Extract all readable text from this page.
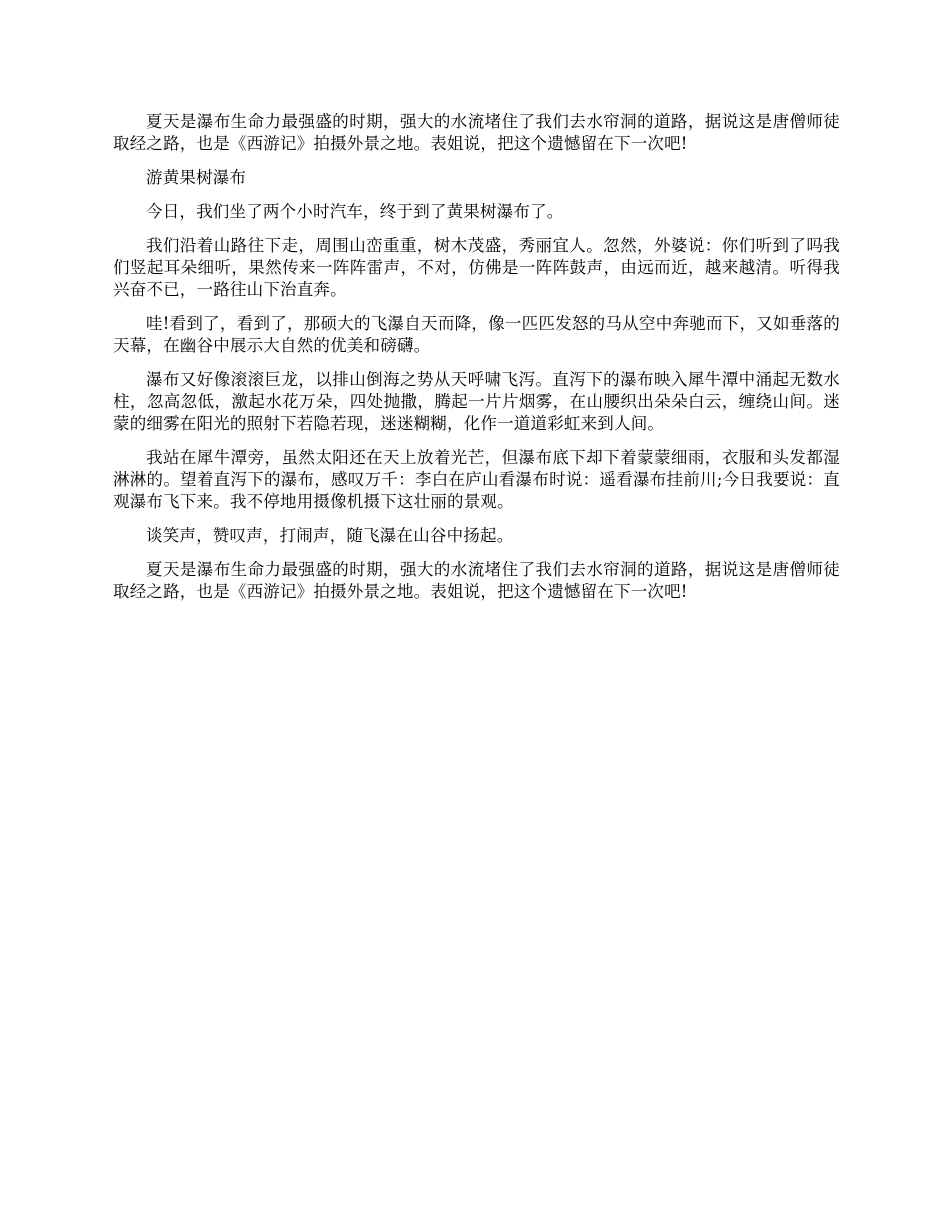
夏天是瀑布生命力最强盛的时期，强大的水流堵住了我们去水帘洞的道路，据说这是唐僧师徒取经之路，也是《西游记》拍摄外景之地。表姐说，把这个遗憾留在下一次吧!

游黄果树瀑布

今日，我们坐了两个小时汽车，终于到了黄果树瀑布了。

我们沿着山路往下走，周围山峦重重，树木茂盛，秀丽宜人。忽然，外婆说：你们听到了吗我们竖起耳朵细听，果然传来一阵阵雷声，不对，仿佛是一阵阵鼓声，由远而近，越来越清。听得我兴奋不已，一路往山下治直奔。

哇!看到了，看到了，那硕大的飞瀑自天而降，像一匹匹发怒的马从空中奔驰而下，又如垂落的天幕，在幽谷中展示大自然的优美和磅礴。

瀑布又好像滚滚巨龙，以排山倒海之势从天呼啸飞泻。直泻下的瀑布映入犀牛潭中涌起无数水柱，忽高忽低，激起水花万朵，四处抛撒，腾起一片片烟雾，在山腰织出朵朵白云，缠绕山间。迷蒙的细雾在阳光的照射下若隐若现，迷迷糊糊，化作一道道彩虹来到人间。

我站在犀牛潭旁，虽然太阳还在天上放着光芒，但瀑布底下却下着蒙蒙细雨，衣服和头发都湿淋淋的。望着直泻下的瀑布，感叹万千：李白在庐山看瀑布时说：遥看瀑布挂前川;今日我要说：直观瀑布飞下来。我不停地用摄像机摄下这壮丽的景观。

谈笑声，赞叹声，打闹声，随飞瀑在山谷中扬起。

夏天是瀑布生命力最强盛的时期，强大的水流堵住了我们去水帘洞的道路，据说这是唐僧师徒取经之路，也是《西游记》拍摄外景之地。表姐说，把这个遗憾留在下一次吧!
